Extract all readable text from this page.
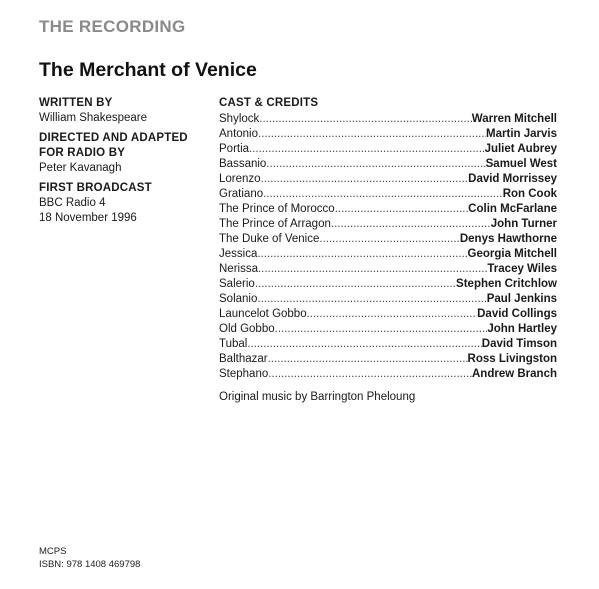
THE RECORDING
The Merchant of Venice
WRITTEN BY
William Shakespeare
DIRECTED AND ADAPTED
FOR RADIO BY
Peter Kavanagh
FIRST BROADCAST
BBC Radio 4
18 November 1996
CAST & CREDITS
Shylock . . .	Warren Mitchell
Antonio . . .	Martin Jarvis
Portia . . .	Juliet Aubrey
Bassanio . . .	Samuel West
Lorenzo . . .	David Morrissey
Gratiano . . .	Ron Cook
The Prince of Morocco . . .	Colin McFarlane
The Prince of Arragon . . .	John Turner
The Duke of Venice . . .	Denys Hawthorne
Jessica . . .	Georgia Mitchell
Nerissa . . .	Tracey Wiles
Salerio . . .	Stephen Critchlow
Solanio . . .	Paul Jenkins
Launcelot Gobbo . . .	David Collings
Old Gobbo . . .	John Hartley
Tubal . . .	David Timson
Balthazar . . .	Ross Livingston
Stephano . . .	Andrew Branch
Original music by Barrington Pheloung
MCPS
ISBN: 978 1408 469798
